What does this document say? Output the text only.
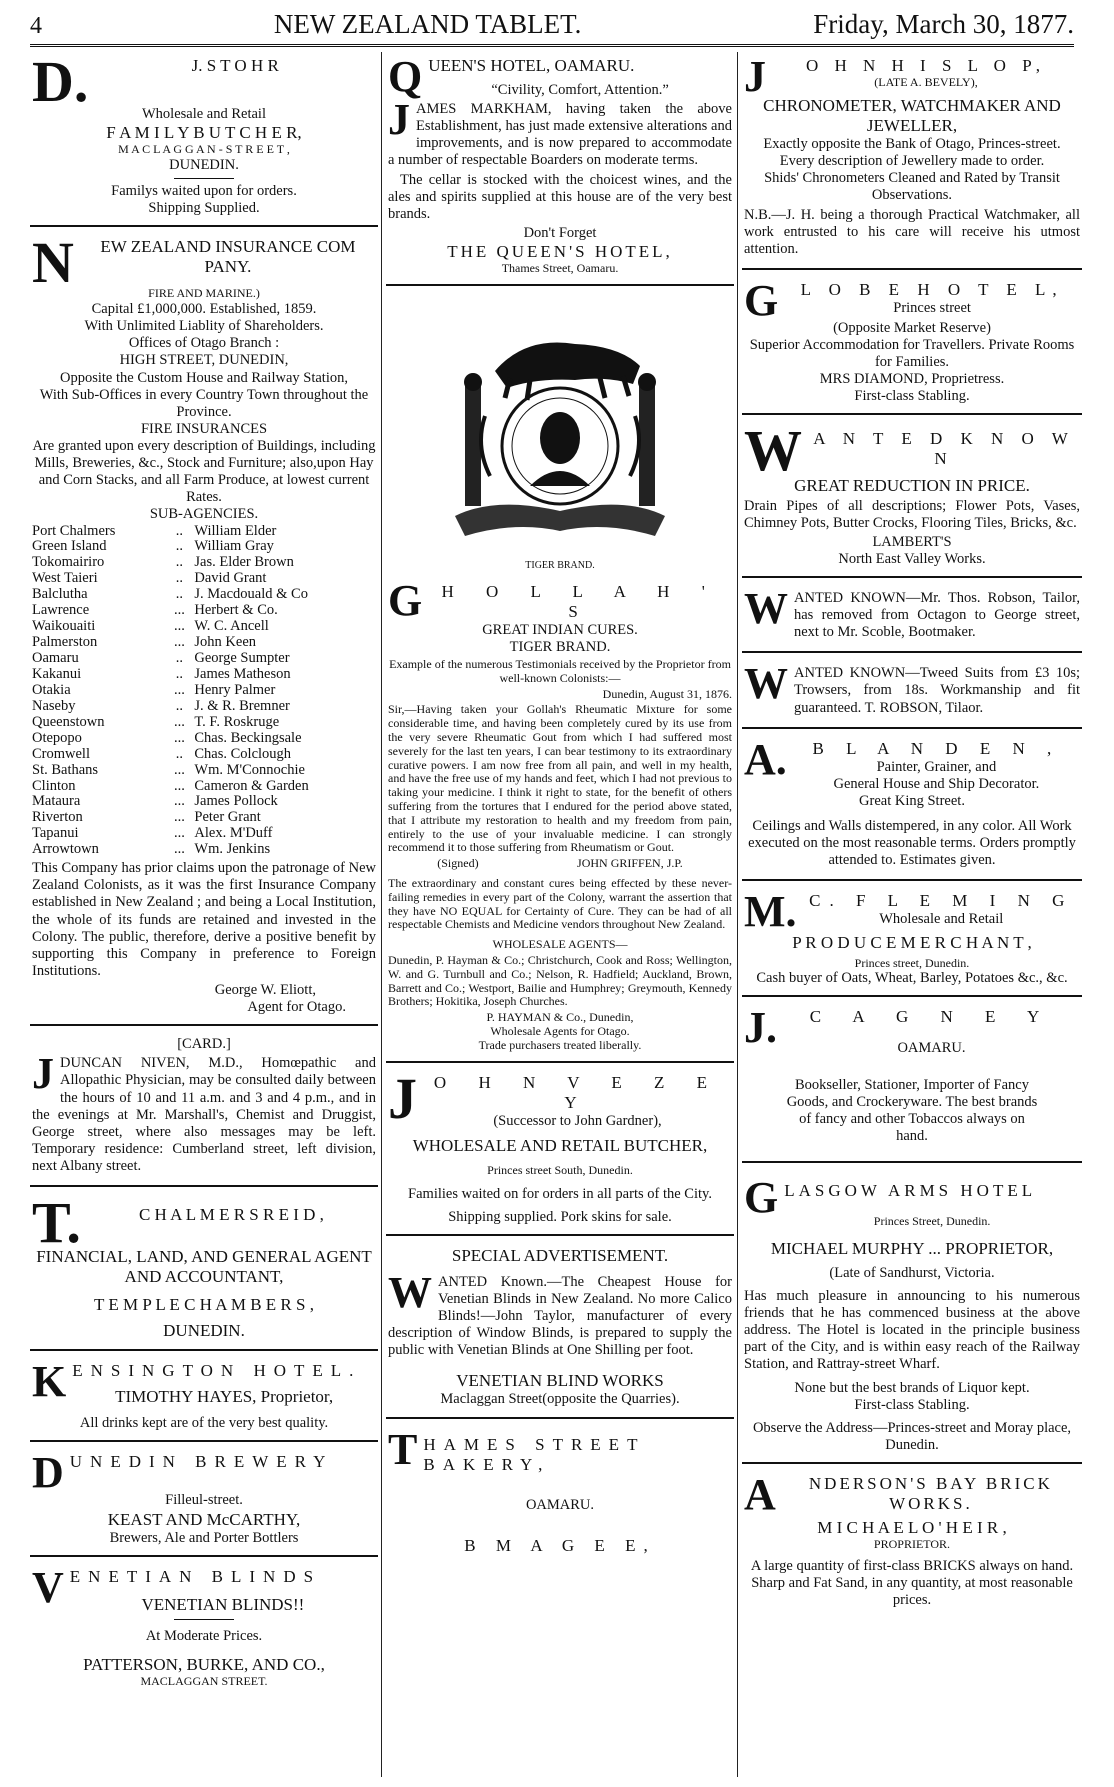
4	NEW ZEALAND TABLET.	Friday, March 30, 1877.
D.	J. S T O H R
Wholesale and Retail
F A M I L Y B U T C H E R,
M A C L A G G A N - S T R E E T ,
DUNEDIN.
Familys waited upon for orders.
Shipping Supplied.
N	EW ZEALAND INSURANCE COM PANY.
FIRE AND MARINE.)
Capital £1,000,000. Established, 1859.
With Unlimited Liablity of Shareholders.
Offices of Otago Branch :
HIGH STREET, DUNEDIN,
Opposite the Custom House and Railway Station,
With Sub-Offices in every Country Town throughout the Province.
FIRE INSURANCES
Are granted upon every description of Buildings, including Mills, Breweries, &c., Stock and Furniture; also,upon Hay and Corn Stacks, and all Farm Produce, at lowest current Rates.
SUB-AGENCIES.
Port Chalmers	..	William Elder
Green Island	..	William Gray
Tokomairiro	..	Jas. Elder Brown
West Taieri	..	David Grant
Balclutha	..	J. Macdouald & Co
Lawrence	...	Herbert & Co.
Waikouaiti	...	W. C. Ancell
Palmerston	...	John Keen
Oamaru	..	George Sumpter
Kakanui	..	James Matheson
Otakia	...	Henry Palmer
Naseby	..	J. & R. Bremner
Queenstown	...	T. F. Roskruge
Otepopo	...	Chas. Beckingsale
Cromwell	..	Chas. Colclough
St. Bathans	...	Wm. M'Connochie
Clinton	...	Cameron & Garden
Mataura	...	James Pollock
Riverton	...	Peter Grant
Tapanui	...	Alex. M'Duff
Arrowtown	...	Wm. Jenkins

This Company has prior claims upon the patronage of New Zealand Colonists, as it was the first Insurance Company established in New Zealand ; and being a Local Institution, the whole of its funds are retained and invested in the Colony. The public, therefore, derive a positive benefit by supporting this Company in preference to Foreign Institutions.

George W. Eliott,
Agent for Otago.
[CARD.]
J DUNCAN NIVEN, M.D., Homœpathic and Allopathic Physician, may be consulted daily between the hours of 10 and 11 a.m. and 3 and 4 p.m., and in the evenings at Mr. Marshall's, Chemist and Druggist, George street, where also messages may be left. Temporary residence: Cumberland street, left division, next Albany street.

T.	C H A L M E R S R E I D ,
FINANCIAL, LAND, AND GENERAL AGENT AND ACCOUNTANT,
T E M P L E C H A M B E R S ,
DUNEDIN.
K ENSINGTON HOTEL.
TIMOTHY HAYES, Proprietor,
All drinks kept are of the very best quality.
D UNEDIN BREWERY
Filleul-street.
KEAST AND McCARTHY,
Brewers, Ale and Porter Bottlers
V ENETIAN BLINDS
VENETIAN BLINDS!!
At Moderate Prices.
PATTERSON, BURKE, AND CO.,
MACLAGGAN STREET.
Q UEEN'S HOTEL, OAMARU.
“Civility, Comfort, Attention.”
J AMES MARKHAM, having taken the above Establishment, has just made extensive alterations and improvements, and is now prepared to accommodate a number of respectable Boarders on moderate terms.

The cellar is stocked with the choicest wines, and the ales and spirits supplied at this house are of the very best brands.

Don't Forget
THE QUEEN'S HOTEL,
Thames Street, Oamaru.
TIGER BRAND.
G	H O L L A H ' S
GREAT INDIAN CURES.
TIGER BRAND.

Example of the numerous Testimonials received by the Proprietor from well-known Colonists:—

Dunedin, August 31, 1876.

Sir,—Having taken your Gollah's Rheumatic Mixture for some considerable time, and having been completely cured by its use from the very severe Rheumatic Gout from which I had suffered most severely for the last ten years, I can bear testimony to its extraordinary curative powers. I am now free from all pain, and well in my health, and have the free use of my hands and feet, which I had not previous to taking your medicine. I think it right to state, for the benefit of others suffering from the tortures that I endured for the period above stated, that I attribute my restoration to health and my freedom from pain, entirely to the use of your invaluable medicine. I can strongly recommend it to those suffering from Rheumatism or Gout.

(Signed)	JOHN GRIFFEN, J.P.

The extraordinary and constant cures being effected by these never-failing remedies in every part of the Colony, warrant the assertion that they have NO EQUAL for Certainty of Cure. They can be had of all respectable Chemists and Medicine vendors throughout New Zealand.

WHOLESALE AGENTS—

Dunedin, P. Hayman & Co.; Christchurch, Cook and Ross; Wellington, W. and G. Turnbull and Co.; Nelson, R. Hadfield; Auckland, Brown, Barrett and Co.; Westport, Bailie and Humphrey; Greymouth, Kennedy Brothers; Hokitika, Joseph Churches.

P. HAYMAN & Co., Dunedin,
Wholesale Agents for Otago.
Trade purchasers treated liberally.
J O H N V E Z E Y
(Successor to John Gardner),
WHOLESALE AND RETAIL BUTCHER,
Princes street South, Dunedin.
Families waited on for orders in all parts of the City.
Shipping supplied. Pork skins for sale.
SPECIAL ADVERTISEMENT.
W ANTED Known.—The Cheapest House for Venetian Blinds in New Zealand. No more Calico Blinds!—John Taylor, manufacturer of every description of Window Blinds, is prepared to supply the public with Venetian Blinds at One Shilling per foot.

VENETIAN BLIND WORKS
Maclaggan Street(opposite the Quarries).
T HAMES STREET BAKERY,
OAMARU.
B M A G E E,
J	O H N H I S L O P,
(LATE A. BEVELY),
CHRONOMETER, WATCHMAKER AND JEWELLER,
Exactly opposite the Bank of Otago, Princes-street.
Every description of Jewellery made to order.
Shids' Chronometers Cleaned and Rated by Transit Observations.

N.B.—J. H. being a thorough Practical Watchmaker, all work entrusted to his care will receive his utmost attention.

G	L O B E H O T E L,
Princes street
(Opposite Market Reserve)
Superior Accommodation for Travellers. Private Rooms for Families.
MRS DIAMOND, Proprietress.
First-class Stabling.
W A N T E D K N O W N
GREAT REDUCTION IN PRICE.

Drain Pipes of all descriptions; Flower Pots, Vases, Chimney Pots, Butter Crocks, Flooring Tiles, Bricks, &c.

LAMBERT'S
North East Valley Works.
W ANTED KNOWN—Mr. Thos. Robson, Tailor, has removed from Octagon to George street, next to Mr. Scoble, Bootmaker.

W ANTED KNOWN—Tweed Suits from £3 10s; Trowsers, from 18s. Workmanship and fit guaranteed. T. ROBSON, Tilaor.

A.	B L A N D E N ,
Painter, Grainer, and
General House and Ship Decorator.
Great King Street.

Ceilings and Walls distempered, in any color. All Work executed on the most reasonable terms. Orders promptly attended to. Estimates given.

M. C. F L E M I N G
Wholesale and Retail
P R O D U C E M E R C H A N T ,
Princes street, Dunedin.
Cash buyer of Oats, Wheat, Barley, Potatoes &c., &c.
J.	C A G N E Y
OAMARU.

Bookseller, Stationer, Importer of Fancy Goods, and Crockeryware. The best brands of fancy and other Tobaccos always on hand.

G LASGOW ARMS HOTEL
Princes Street, Dunedin.
MICHAEL MURPHY ... PROPRIETOR,
(Late of Sandhurst, Victoria.

Has much pleasure in announcing to his numerous friends that he has commenced business at the above address. The Hotel is located in the principle business part of the City, and is within easy reach of the Railway Station, and Rattray-street Wharf.

None but the best brands of Liquor kept.
First-class Stabling.
Observe the Address—Princes-street and Moray place, Dunedin.
A	NDERSON'S BAY BRICK WORKS.
M I C H A E L O ' H E I R ,
PROPRIETOR.
A large quantity of first-class BRICKS always on hand.
Sharp and Fat Sand, in any quantity, at most reasonable prices.
